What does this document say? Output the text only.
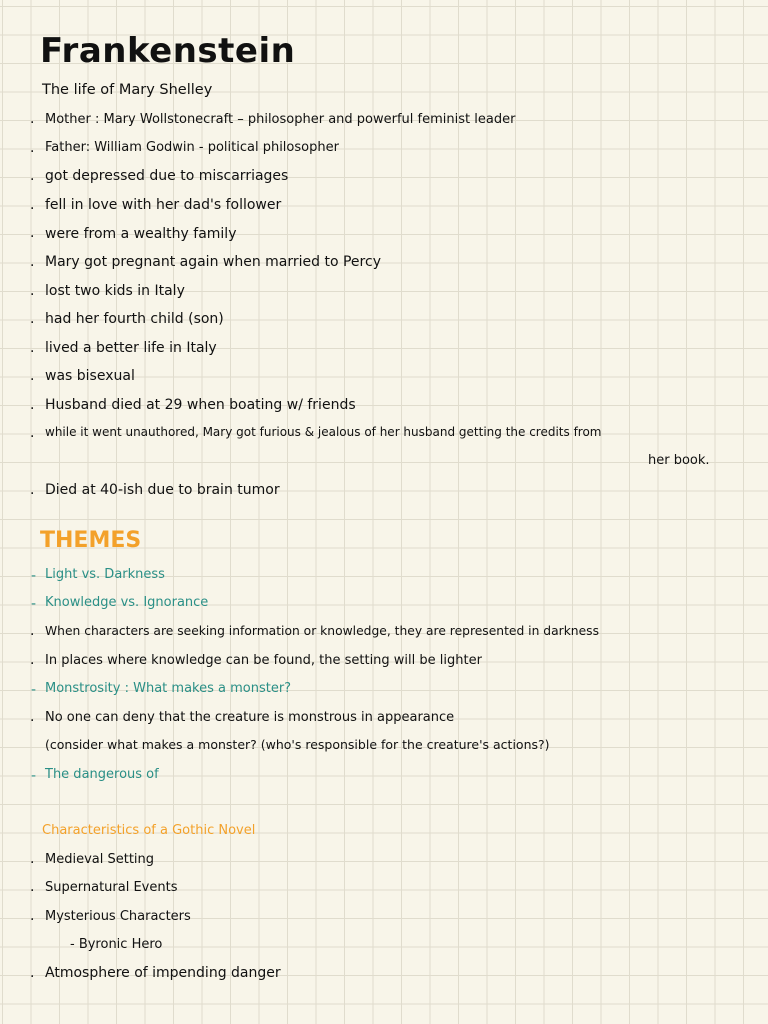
Frankenstein
The life of Mary Shelley
· Mother : Mary Wollstonecraft – philosopher and powerful feminist leader
· Father: William Godwin - political philosopher
· got depressed due to miscarriages
· fell in love with her dad's follower
· were from a wealthy family
· Mary got pregnant again when married to Percy
· lost two kids in Italy
· had her fourth child (son)
· lived a better life in Italy
· was bisexual
· Husband died at 29 when boating w/ friends
· while it went unauthored, Mary got furious & jealous of her husband getting the credits from
her book.
· Died at 40-ish due to brain tumor
THEMES
- Light vs. Darkness
- Knowledge vs. Ignorance
· When characters are seeking information or knowledge, they are represented in darkness
· In places where knowledge can be found, the setting will be lighter
- Monstrosity : What makes a monster?
· No one can deny that the creature is monstrous in appearance
(consider what makes a monster? (who's responsible for the creature's actions?)
- The dangerous of
Characteristics of a Gothic Novel
· Medieval Setting
· Supernatural Events
· Mysterious Characters
- Byronic Hero
· Atmosphere of impending danger
